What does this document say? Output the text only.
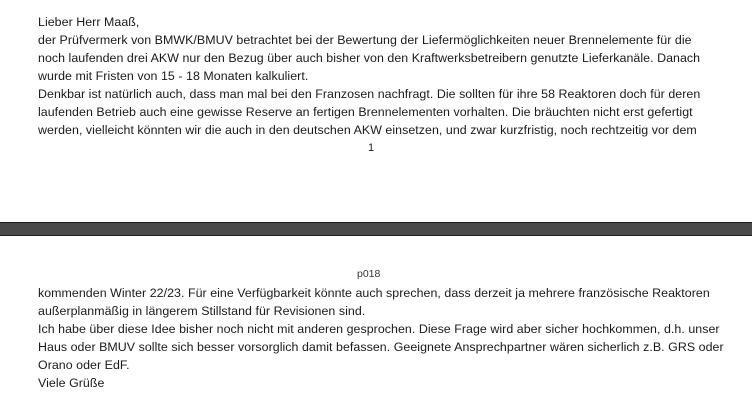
Lieber Herr Maaß,
der Prüfvermerk von BMWK/BMUV betrachtet bei der Bewertung der Liefermöglichkeiten neuer Brennelemente für die
noch laufenden drei AKW nur den Bezug über auch bisher von den Kraftwerksbetreibern genutzte Lieferkanäle. Danach
wurde mit Fristen von 15 - 18 Monaten kalkuliert.
Denkbar ist natürlich auch, dass man mal bei den Franzosen nachfragt. Die sollten für ihre 58 Reaktoren doch für deren
laufenden Betrieb auch eine gewisse Reserve an fertigen Brennelementen vorhalten. Die bräuchten nicht erst gefertigt
werden, vielleicht könnten wir die auch in den deutschen AKW einsetzen, und zwar kurzfristig, noch rechtzeitig vor dem
1
p018
kommenden Winter 22/23. Für eine Verfügbarkeit könnte auch sprechen, dass derzeit ja mehrere französische Reaktoren
außerplanmäßig in längerem Stillstand für Revisionen sind.
Ich habe über diese Idee bisher noch nicht mit anderen gesprochen. Diese Frage wird aber sicher hochkommen, d.h. unser
Haus oder BMUV sollte sich besser vorsorglich damit befassen. Geeignete Ansprechpartner wären sicherlich z.B. GRS oder
Orano oder EdF.
Viele Grüße
